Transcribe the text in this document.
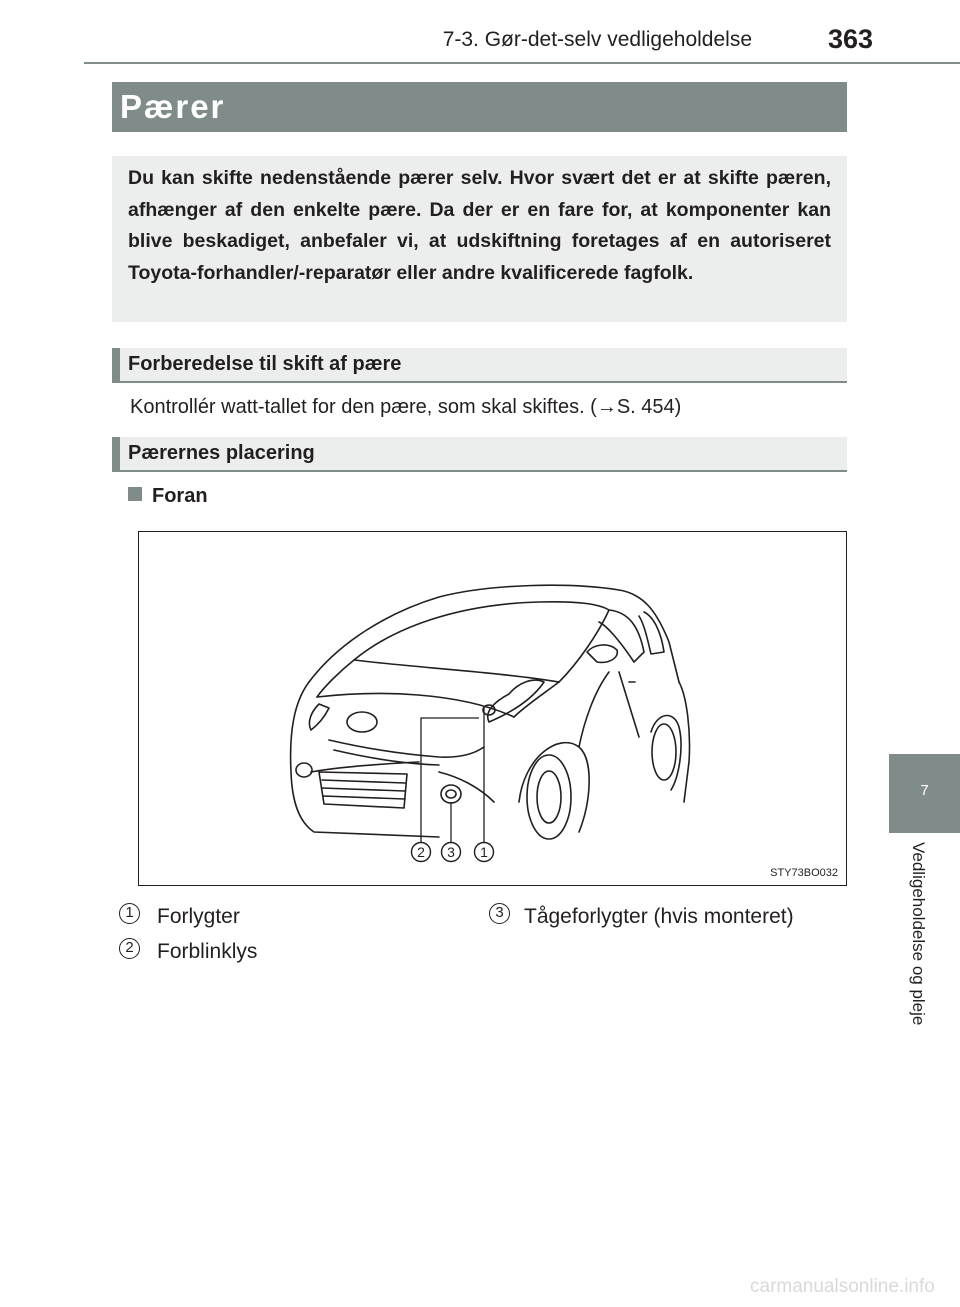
7-3. Gør-det-selv vedligeholdelse	363
Pærer

Du kan skifte nedenstående pærer selv. Hvor svært det er at skifte pæren, afhænger af den enkelte pære. Da der er en fare for, at komponenter kan blive beskadiget, anbefaler vi, at udskiftning foretages af en autoriseret Toyota-forhandler/-reparatør eller andre kvalificerede fagfolk.

Forberedelse til skift af pære
Kontrollér watt-tallet for den pære, som skal skiftes. (→S. 454)
Pærernes placering
Foran
2 3 1
STY73BO032
1	Forlygter
2	Forblinklys
3 Tågeforlygter (hvis monteret)
7
Vedligeholdelse og pleje
carmanualsonline.info
